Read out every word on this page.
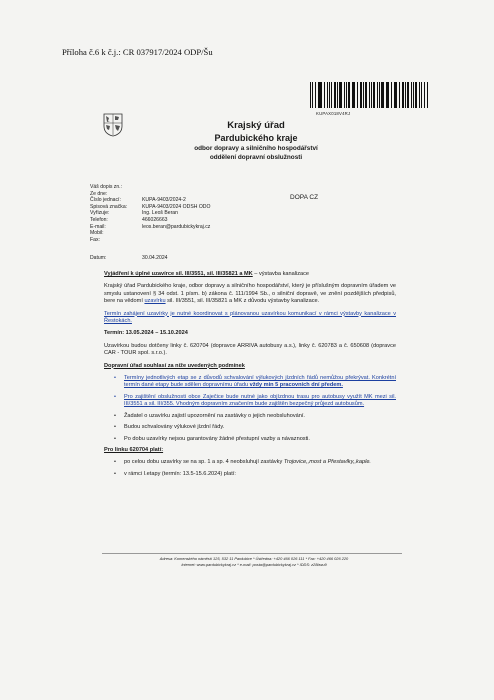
Příloha č.6 k č.j.: CR 037917/2024 ODP/Šu
KUPAX018V4RJ
Krajský úřad
Pardubického kraje
odbor dopravy a silničního hospodářství
oddělení dopravní obslužnosti
Váš dopis zn.:
Ze dne:
Číslo jednací:	KUPA-9403/2024-2
Spisová značka:	KUPA-9403/2024 ODSH ODO
Vyřizuje:	Ing. Leoš Beran
Telefon:	466026663
E-mail:	leos.beran@pardubickykraj.cz
Mobil:
Fax:
DOPA CZ
Datum:	30.04.2024

Vyjádření k úplné uzavírce sil. III/3551, sil. III/35821 a MK – výstavba kanalizace

Krajský úřad Pardubického kraje, odbor dopravy a silničního hospodářství, který je příslušným dopravním úřadem ve smyslu ustanovení § 34 odst. 1 písm. b) zákona č. 111/1994 Sb., o silniční dopravě, ve znění pozdějších předpisů, bere na vědomí uzavírku sil. III/3551, sil. III/35821 a MK z důvodu výstavby kanalizace.

Termín zahájení uzavírky je nutné koordinovat s plánovanou uzavírkou komunikací v rámci výstavby kanalizace v Řestokách.

Termín: 13.05.2024 – 15.10.2024

Uzavírkou budou dotčeny linky č. 620704 (dopravce ARRIVA autobusy a.s.), linky č. 620783 a č. 650608 (dopravce CAR - TOUR spol. s.r.o.).

Dopravní úřad souhlasí za níže uvedených podmínek

• Termíny jednotlivých etap se z důvodů schvalování výlukových jízdních řádů nemůžou překrývat. Konkrétní termín dané etapy bude sdělen dopravnímu úřadu vždy min 5 pracovních dní předem.
• Pro zajištění obslužnosti obce Zaječice bude nutné jako objízdnou trasu pro autobusy využít MK mezi sil. III/3551 a sil. III/355. Vhodným dopravním značením bude zajištěn bezpečný průjezd autobusům.
• Žadatel o uzavírku zajistí upozornění na zastávky o jejich neobsluhování.
• Budou schvalovány výlukové jízdní řády.
• Po dobu uzavírky nejsou garantovány žádné přestupní vazby a návaznosti.

Pro linku 620704 platí:

• po celou dobu uzavírky se na sp. 1 a sp. 4 neobsluhují zastávky Trojovice,,most a Přestavlky,,kaple.
• v rámci I.etapy (termín: 13.5-15.6.2024) platí:
Adresa: Komenského náměstí 125, 532 11 Pardubice * Ústředna: +420 466 026 111 * Fax: +420 466 026 220
Internet: www.pardubickykraj.cz * e-mail: posta@pardubickykraj.cz * IDDS: z28bwu9
